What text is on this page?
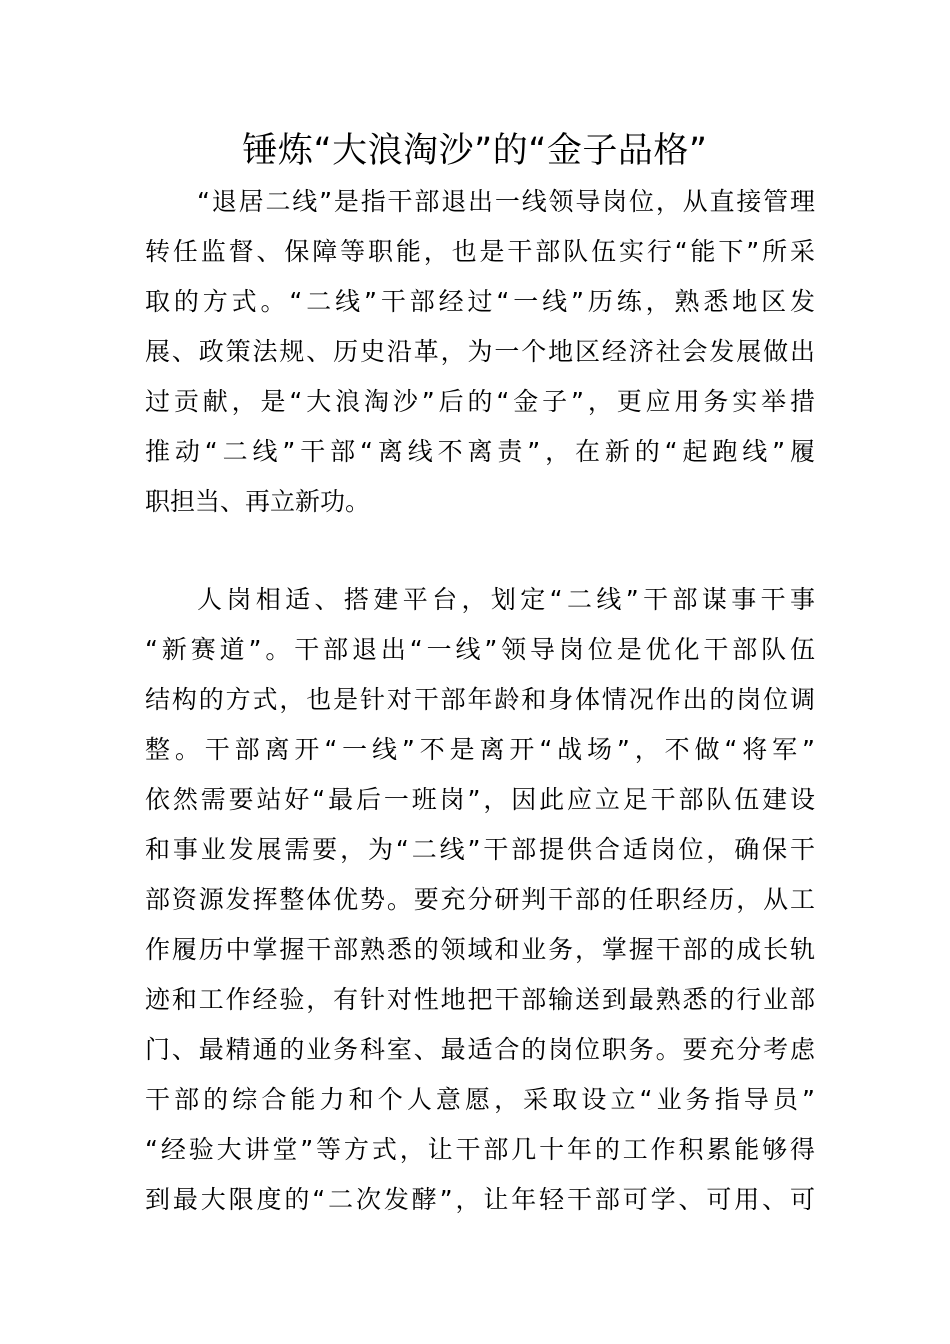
锤炼“大浪淘沙”的“金子品格”
“退居二线”是指干部退出一线领导岗位，从直接管理
转任监督、保障等职能，也是干部队伍实行“能下”所采
取的方式。“二线”干部经过“一线”历练，熟悉地区发
展、政策法规、历史沿革，为一个地区经济社会发展做出
过贡献，是“大浪淘沙”后的“金子”，更应用务实举措
推动“二线”干部“离线不离责”，在新的“起跑线”履
职担当、再立新功。
人岗相适、搭建平台，划定“二线”干部谋事干事
“新赛道”。干部退出“一线”领导岗位是优化干部队伍
结构的方式，也是针对干部年龄和身体情况作出的岗位调
整。干部离开“一线”不是离开“战场”，不做“将军”
依然需要站好“最后一班岗”，因此应立足干部队伍建设
和事业发展需要，为“二线”干部提供合适岗位，确保干
部资源发挥整体优势。要充分研判干部的任职经历，从工
作履历中掌握干部熟悉的领域和业务，掌握干部的成长轨
迹和工作经验，有针对性地把干部输送到最熟悉的行业部
门、最精通的业务科室、最适合的岗位职务。要充分考虑
干部的综合能力和个人意愿，采取设立“业务指导员”
“经验大讲堂”等方式，让干部几十年的工作积累能够得
到最大限度的“二次发酵”，让年轻干部可学、可用、可
